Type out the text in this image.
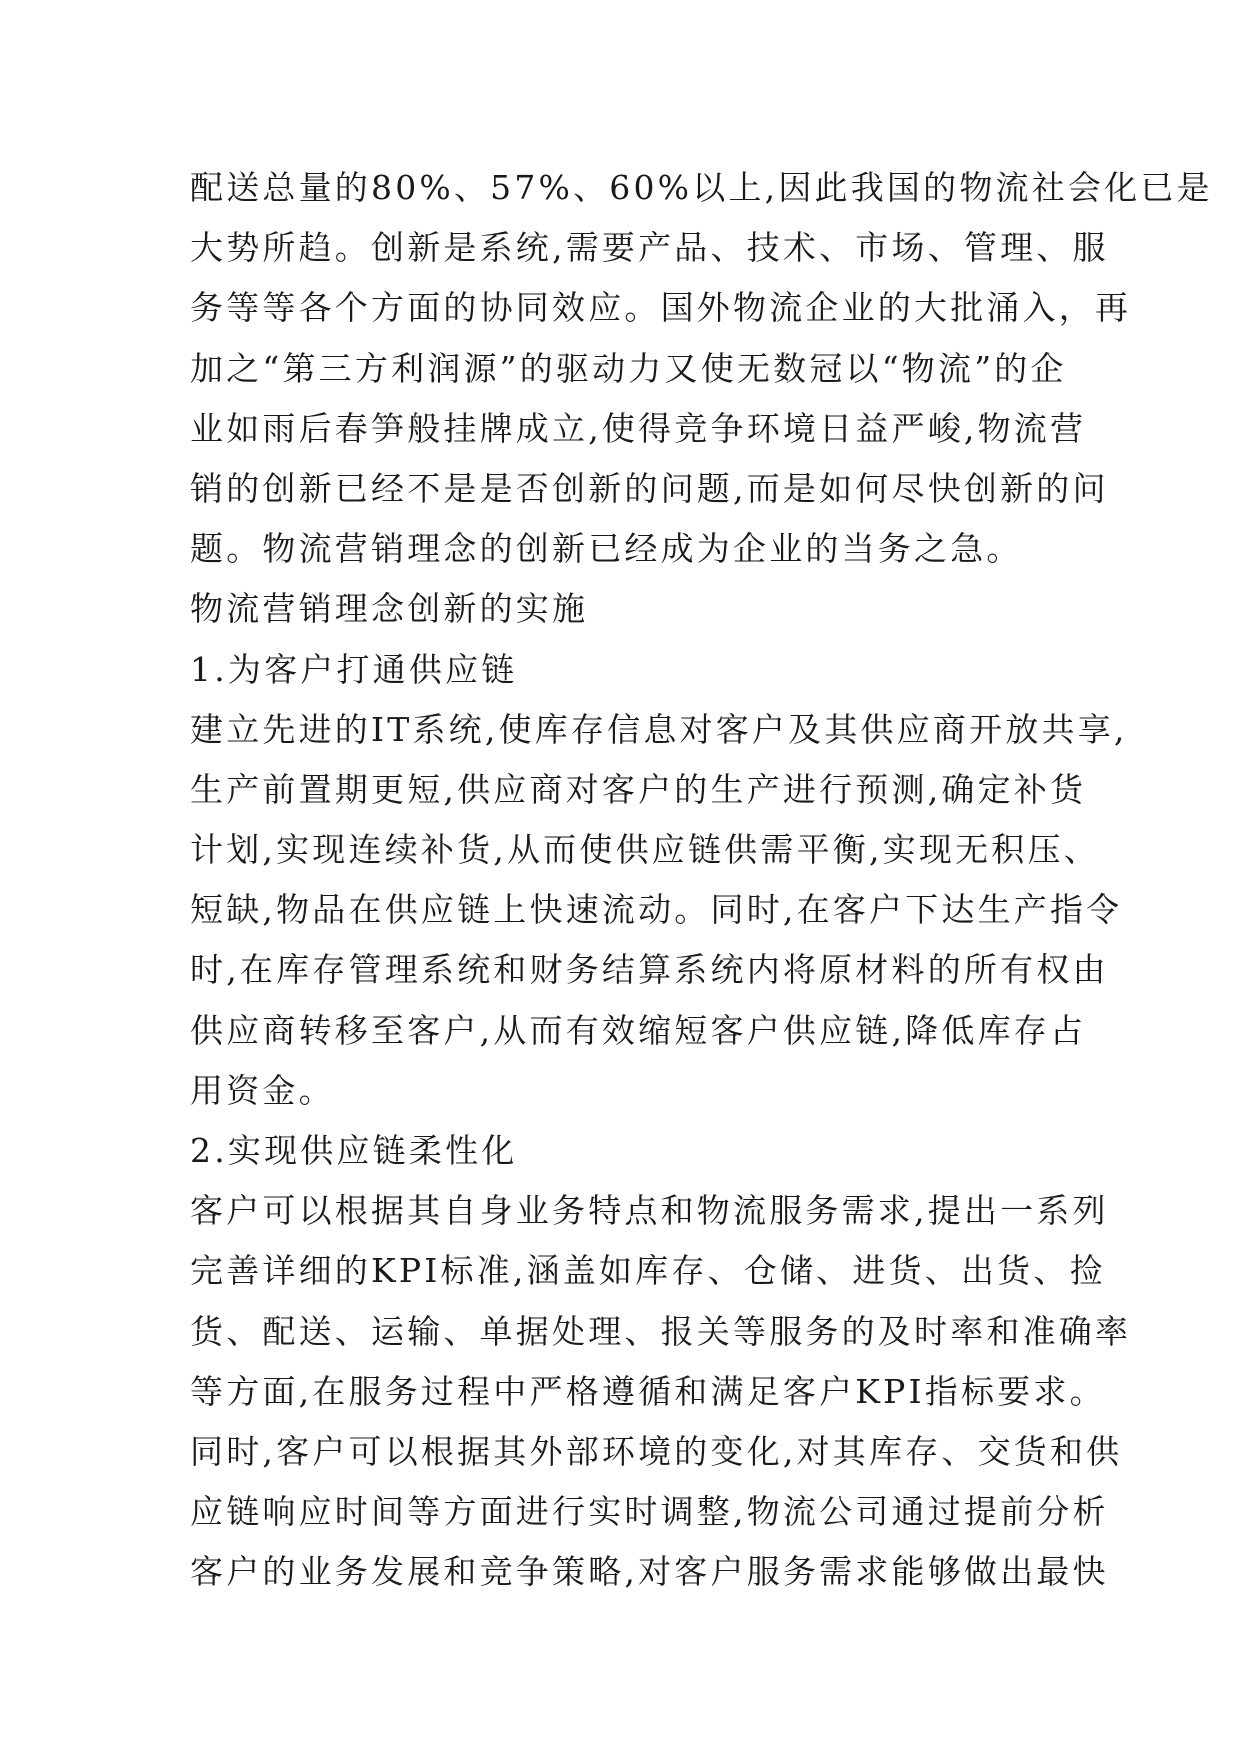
配送总量的80%、57%、60%以上,因此我国的物流社会化已是
大势所趋。创新是系统,需要产品、技术、市场、管理、服
务等等各个方面的协同效应。国外物流企业的大批涌入，再
加之“第三方利润源”的驱动力又使无数冠以“物流”的企
业如雨后春笋般挂牌成立,使得竞争环境日益严峻,物流营
销的创新已经不是是否创新的问题,而是如何尽快创新的问
题。物流营销理念的创新已经成为企业的当务之急。
物流营销理念创新的实施
1.为客户打通供应链
建立先进的IT系统,使库存信息对客户及其供应商开放共享,
生产前置期更短,供应商对客户的生产进行预测,确定补货
计划,实现连续补货,从而使供应链供需平衡,实现无积压、
短缺,物品在供应链上快速流动。同时,在客户下达生产指令
时,在库存管理系统和财务结算系统内将原材料的所有权由
供应商转移至客户,从而有效缩短客户供应链,降低库存占
用资金。
2.实现供应链柔性化
客户可以根据其自身业务特点和物流服务需求,提出一系列
完善详细的KPI标准,涵盖如库存、仓储、进货、出货、捡
货、配送、运输、单据处理、报关等服务的及时率和准确率
等方面,在服务过程中严格遵循和满足客户KPI指标要求。
同时,客户可以根据其外部环境的变化,对其库存、交货和供
应链响应时间等方面进行实时调整,物流公司通过提前分析
客户的业务发展和竞争策略,对客户服务需求能够做出最快
